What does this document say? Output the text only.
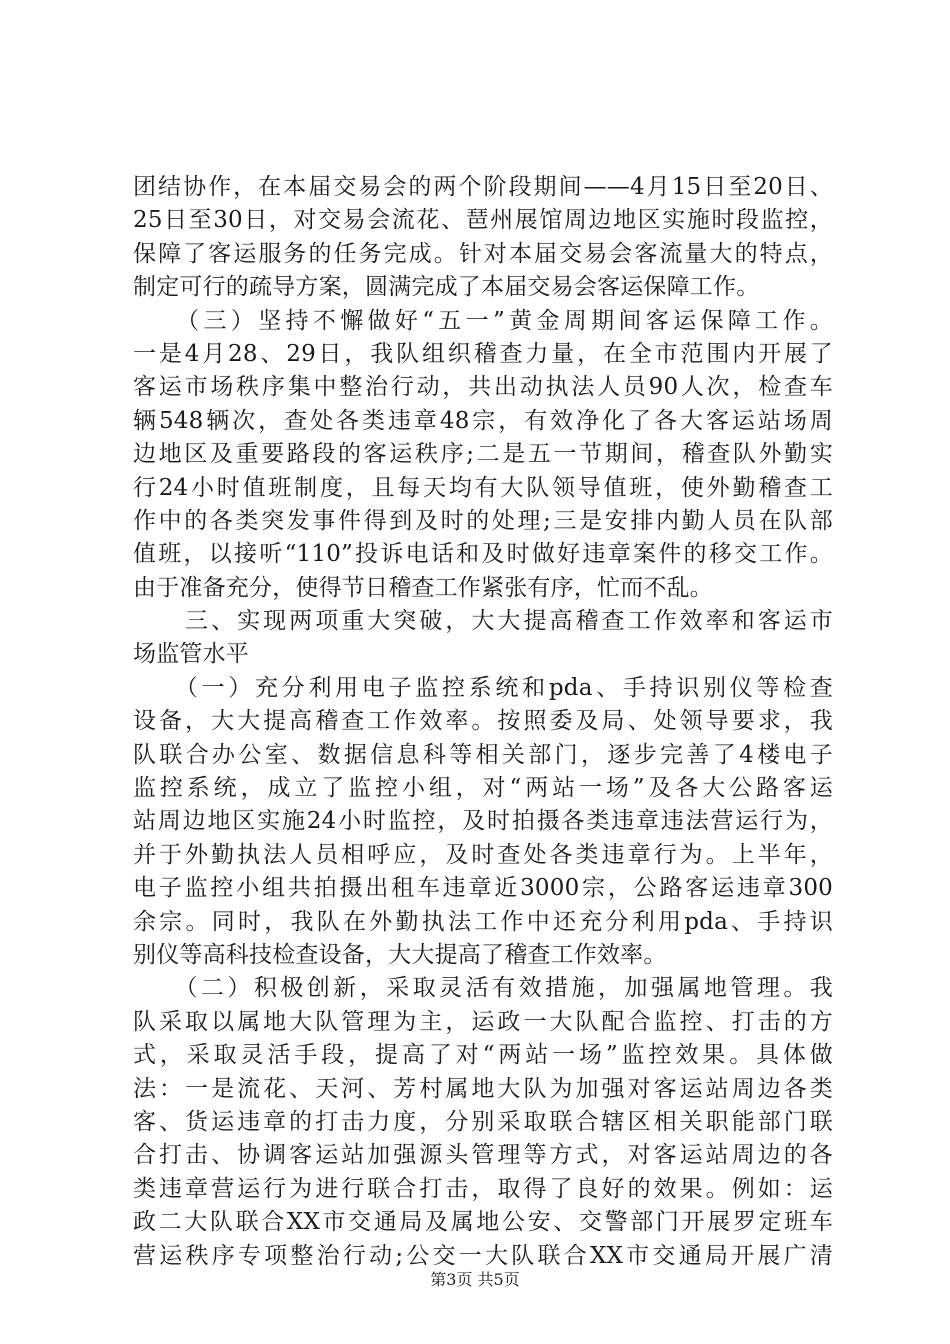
团结协作，在本届交易会的两个阶段期间——4月15日至20日、
25日至30日，对交易会流花、琶州展馆周边地区实施时段监控，
保障了客运服务的任务完成。针对本届交易会客流量大的特点，
制定可行的疏导方案，圆满完成了本届交易会客运保障工作。
　　（三）坚持不懈做好“五一”黄金周期间客运保障工作。
一是4月28、29日，我队组织稽查力量，在全市范围内开展了
客运市场秩序集中整治行动，共出动执法人员90人次，检查车
辆548辆次，查处各类违章48宗，有效净化了各大客运站场周
边地区及重要路段的客运秩序;二是五一节期间，稽查队外勤实
行24小时值班制度，且每天均有大队领导值班，使外勤稽查工
作中的各类突发事件得到及时的处理;三是安排内勤人员在队部
值班，以接听“110”投诉电话和及时做好违章案件的移交工作。
由于准备充分，使得节日稽查工作紧张有序，忙而不乱。
　　三、实现两项重大突破，大大提高稽查工作效率和客运市
场监管水平
　　（一）充分利用电子监控系统和pda、手持识别仪等检查
设备，大大提高稽查工作效率。按照委及局、处领导要求，我
队联合办公室、数据信息科等相关部门，逐步完善了4楼电子
监控系统，成立了监控小组，对“两站一场”及各大公路客运
站周边地区实施24小时监控，及时拍摄各类违章违法营运行为，
并于外勤执法人员相呼应，及时查处各类违章行为。上半年，
电子监控小组共拍摄出租车违章近3000宗，公路客运违章300
余宗。同时，我队在外勤执法工作中还充分利用pda、手持识
别仪等高科技检查设备，大大提高了稽查工作效率。
　　（二）积极创新，采取灵活有效措施，加强属地管理。我
队采取以属地大队管理为主，运政一大队配合监控、打击的方
式，采取灵活手段，提高了对“两站一场”监控效果。具体做
法：一是流花、天河、芳村属地大队为加强对客运站周边各类
客、货运违章的打击力度，分别采取联合辖区相关职能部门联
合打击、协调客运站加强源头管理等方式，对客运站周边的各
类违章营运行为进行联合打击，取得了良好的效果。例如：运
政二大队联合XX市交通局及属地公安、交警部门开展罗定班车
营运秩序专项整治行动;公交一大队联合XX市交通局开展广清
第3页 共5页
